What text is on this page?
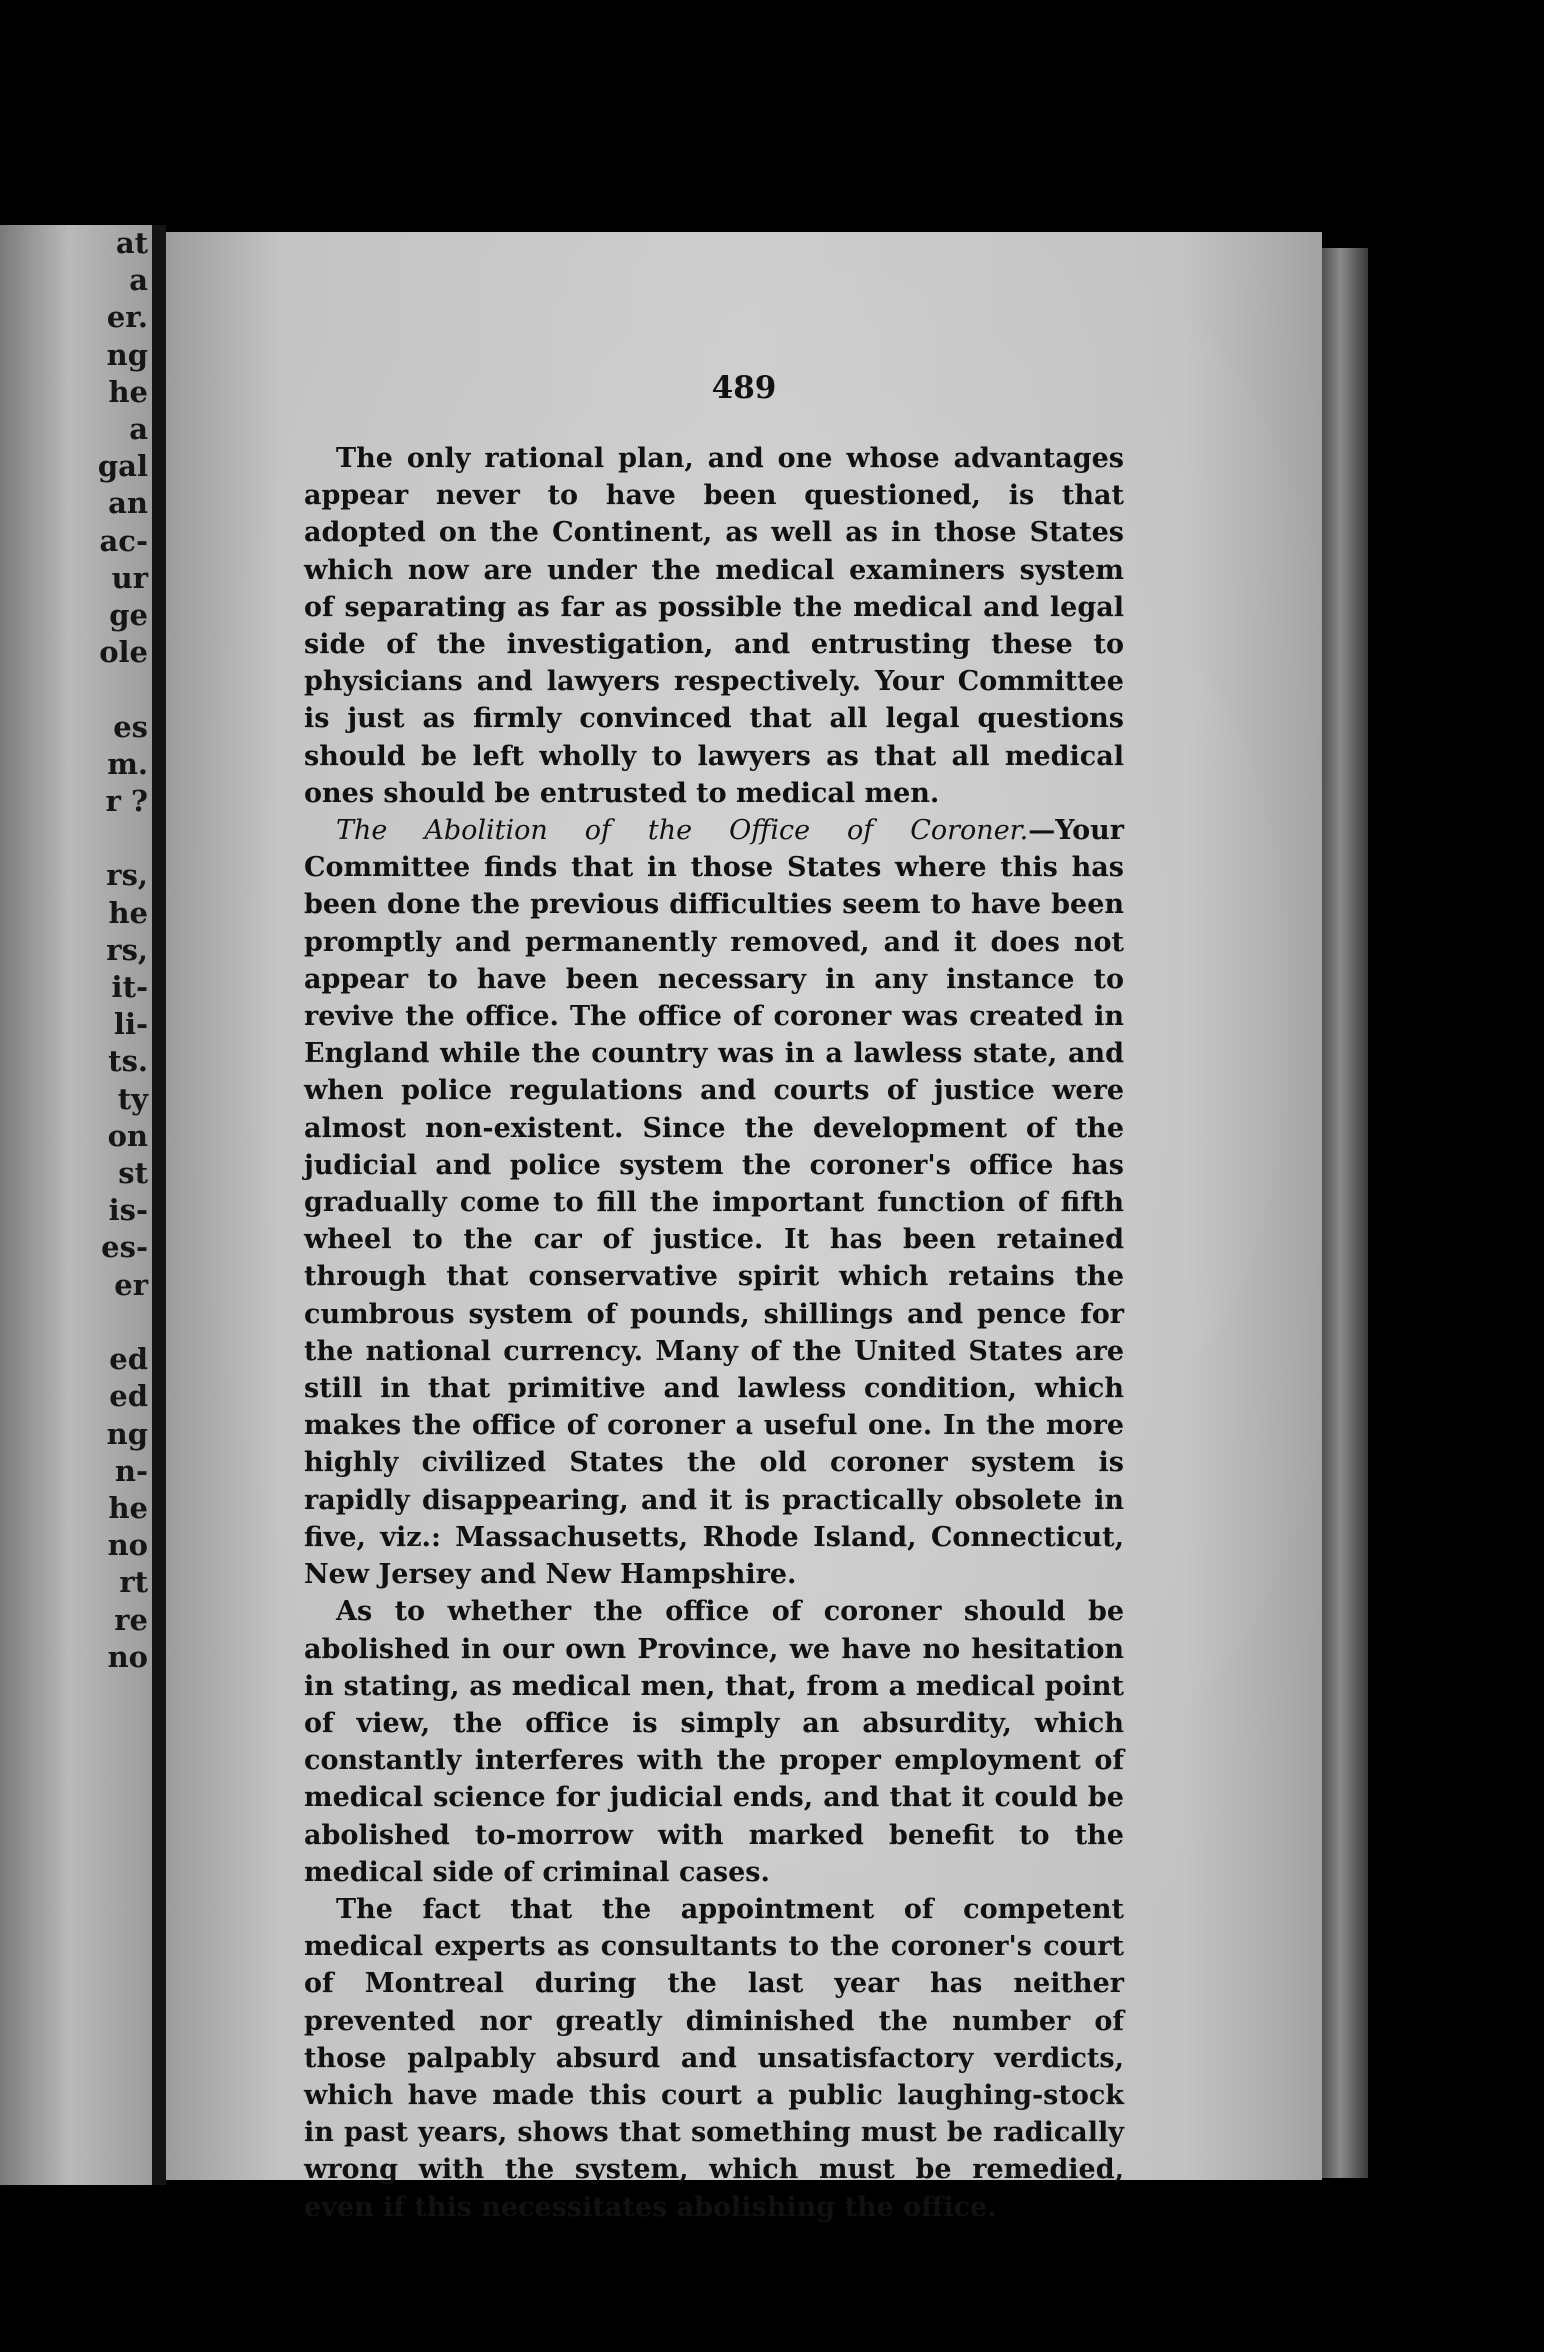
at
a
er.
ng
he
a
gal
an
ac-
ur
ge
ole

es
m.
r ?

rs,
he
rs,
it-
li-
ts.
ty
on
st
is-
es-
er

ed
ed
ng
n-
he
no
rt
re
no

489

The only rational plan, and one whose advantages appear never to have been questioned, is that adopted on the Continent, as well as in those States which now are under the medical examiners system of separating as far as possible the medical and legal side of the investigation, and entrusting these to physicians and lawyers respectively. Your Committee is just as firmly convinced that all legal questions should be left wholly to lawyers as that all medical ones should be entrusted to medical men.

The Abolition of the Office of Coroner.—Your Committee finds that in those States where this has been done the previous difficulties seem to have been promptly and permanently removed, and it does not appear to have been necessary in any instance to revive the office. The office of coroner was created in England while the country was in a lawless state, and when police regulations and courts of justice were almost non-existent. Since the development of the judicial and police system the coroner's office has gradually come to fill the important function of fifth wheel to the car of justice. It has been retained through that conservative spirit which retains the cumbrous system of pounds, shillings and pence for the national currency. Many of the United States are still in that primitive and lawless condition, which makes the office of coroner a useful one. In the more highly civilized States the old coroner system is rapidly disappearing, and it is practically obsolete in five, viz.: Massachusetts, Rhode Island, Connecticut, New Jersey and New Hampshire.

As to whether the office of coroner should be abolished in our own Province, we have no hesitation in stating, as medical men, that, from a medical point of view, the office is simply an absurdity, which constantly interferes with the proper employment of medical science for judicial ends, and that it could be abolished to-morrow with marked benefit to the medical side of criminal cases.

The fact that the appointment of competent medical experts as consultants to the coroner's court of Montreal during the last year has neither prevented nor greatly diminished the number of those palpably absurd and unsatisfactory verdicts, which have made this court a public laughing-stock in past years, shows that something must be radically wrong with the system, which must be remedied, even if this necessitates abolishing the office.
